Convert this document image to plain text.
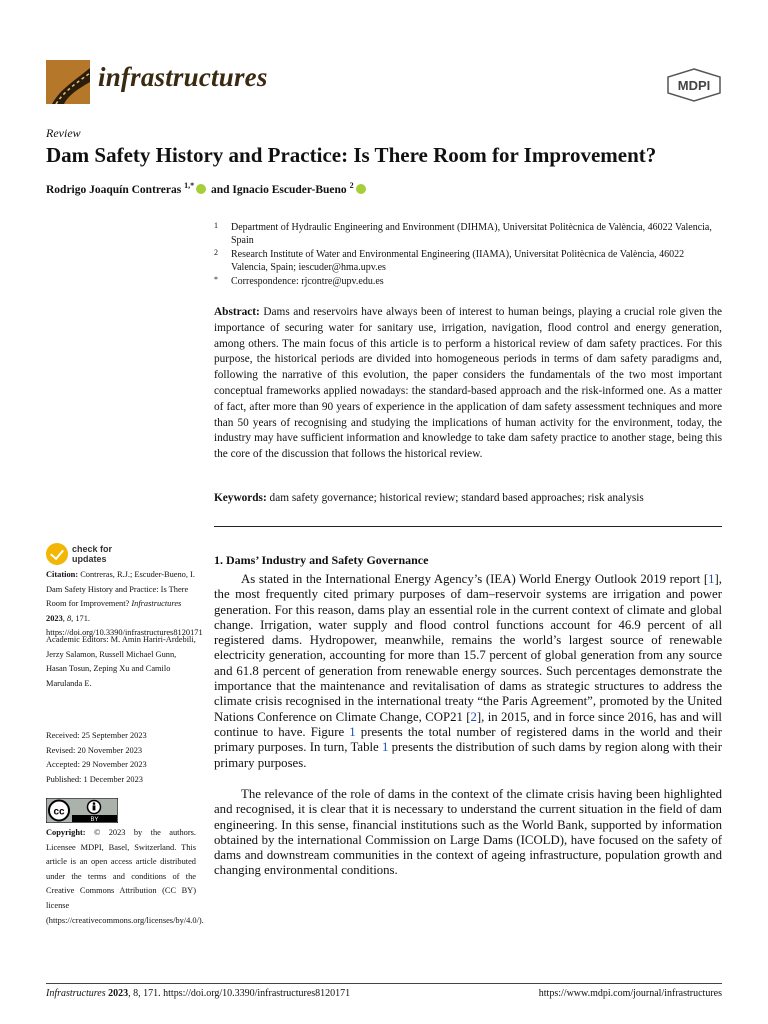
infrastructures	MDPI
Review
Dam Safety History and Practice: Is There Room for Improvement?
Rodrigo Joaquín Contreras $^{1,*}$ and Ignacio Escuder-Bueno $^2$
1 Department of Hydraulic Engineering and Environment (DIHMA), Universitat Politècnica de València, 46022 Valencia, Spain
2 Research Institute of Water and Environmental Engineering (IIAMA), Universitat Politècnica de València, 46022 Valencia, Spain; iescuder@hma.upv.es
* Correspondence: rjcontre@upv.edu.es
Abstract: Dams and reservoirs have always been of interest to human beings, playing a crucial role given the importance of securing water for sanitary use, irrigation, navigation, flood control and energy generation, among others. The main focus of this article is to perform a historical review of dam safety practices. For this purpose, the historical periods are divided into homogeneous periods in terms of dam safety paradigms and, following the narrative of this evolution, the paper considers the fundamentals of the two most important conceptual frameworks applied nowadays: the standard-based approach and the risk-informed one. As a matter of fact, after more than 90 years of experience in the application of dam safety assessment techniques and more than 50 years of recognising and studying the implications of human activity for the environment, today, the industry may have sufficient information and knowledge to take dam safety practice to another stage, being this the core of the discussion that follows the historical review.
Keywords: dam safety governance; historical review; standard based approaches; risk analysis
check for
updates
Citation: Contreras, R.J.; Escuder-Bueno, I. Dam Safety History and Practice: Is There Room for Improvement? Infrastructures 2023, 8, 171. https://doi.org/10.3390/infrastructures8120171
Academic Editors: M. Amin Hariri-Ardebili, Jerzy Salamon, Russell Michael Gunn, Hasan Tosun, Zeping Xu and Camilo Marulanda E.
Received: 25 September 2023
Revised: 20 November 2023
Accepted: 29 November 2023
Published: 1 December 2023
cc
BY
Copyright: © 2023 by the authors. Licensee MDPI, Basel, Switzerland. This article is an open access article distributed under the terms and conditions of the Creative Commons Attribution (CC BY) license (https://creativecommons.org/licenses/by/4.0/).
1. Dams’ Industry and Safety Governance
As stated in the International Energy Agency’s (IEA) World Energy Outlook 2019 report [1], the most frequently cited primary purposes of dam–reservoir systems are irrigation and power generation. For this reason, dams play an essential role in the current context of climate and global change. Irrigation, water supply and flood control functions account for 46.9 percent of all registered dams. Hydropower, meanwhile, remains the world’s largest source of renewable electricity generation, accounting for more than 15.7 percent of global generation from any source and 61.8 percent of generation from renewable energy sources. Such percentages demonstrate the importance that the maintenance and revitalisation of dams as strategic structures to address the climate crisis recognised in the international treaty “the Paris Agreement”, promoted by the United Nations Conference on Climate Change, COP21 [2], in 2015, and in force since 2016, has and will continue to have. Figure 1 presents the total number of registered dams in the world and their primary purposes. In turn, Table 1 presents the distribution of such dams by region along with their primary purposes.
The relevance of the role of dams in the context of the climate crisis having been highlighted and recognised, it is clear that it is necessary to understand the current situation in the field of dam engineering. In this sense, financial institutions such as the World Bank, supported by information obtained by the international Commission on Large Dams (ICOLD), have focused on the safety of dams and downstream communities in the context of ageing infrastructure, population growth and changing environmental conditions.
Infrastructures 2023, 8, 171. https://doi.org/10.3390/infrastructures8120171	https://www.mdpi.com/journal/infrastructures
